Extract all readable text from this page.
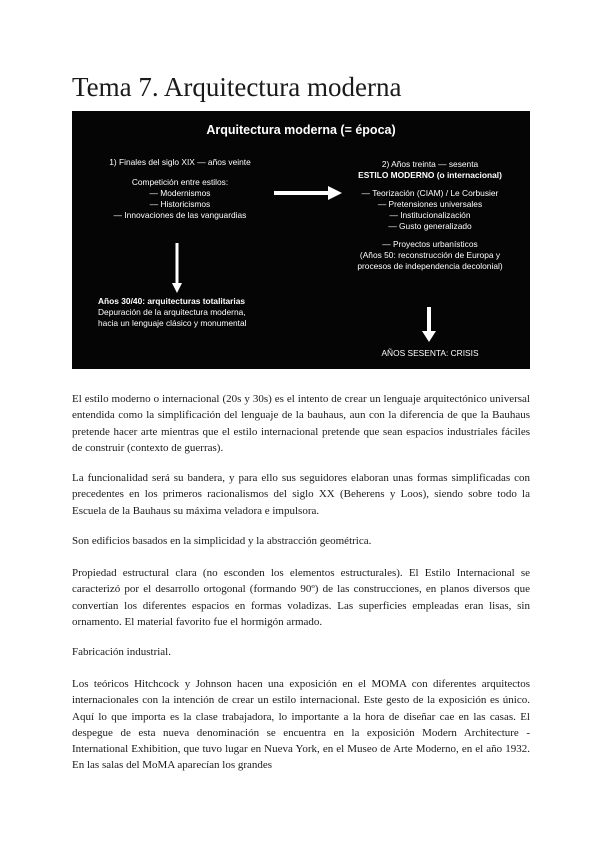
Tema 7. Arquitectura moderna
Arquitectura moderna (= época)
1) Finales del siglo XIX — años veinte
Competición entre estilos:
— Modernismos
— Historicismos
— Innovaciones de las vanguardias
Años 30/40: arquitecturas totalitarias
Depuración de la arquitectura moderna,
hacia un lenguaje clásico y monumental
2) Años treinta — sesenta
ESTILO MODERNO (o internacional)
— Teorización (CIAM) / Le Corbusier
— Pretensiones universales
— Institucionalización
— Gusto generalizado
— Proyectos urbanísticos
(Años 50: reconstrucción de Europa y
procesos de independencia decolonial)
AÑOS SESENTA: CRISIS

El estilo moderno o internacional (20s y 30s) es el intento de crear un lenguaje arquitectónico universal entendida como la simplificación del lenguaje de la bauhaus, aun con la diferencia de que la Bauhaus pretende hacer arte mientras que el estilo internacional pretende que sean espacios industriales fáciles de construir (contexto de guerras).

La funcionalidad será su bandera, y para ello sus seguidores elaboran unas formas simplificadas con precedentes en los primeros racionalismos del siglo XX (Beherens y Loos), siendo sobre todo la Escuela de la Bauhaus su máxima veladora e impulsora.

Son edificios basados en la simplicidad y la abstracción geométrica.

Propiedad estructural clara (no esconden los elementos estructurales). El Estilo Internacional se caracterizó por el desarrollo ortogonal (formando 90º) de las construcciones, en planos diversos que convertían los diferentes espacios en formas voladizas. Las superficies empleadas eran lisas, sin ornamento. El material favorito fue el hormigón armado.

Fabricación industrial.

Los teóricos Hitchcock y Johnson hacen una exposición en el MOMA con diferentes arquitectos internacionales con la intención de crear un estilo internacional. Este gesto de la exposición es único. Aquí lo que importa es la clase trabajadora, lo importante a la hora de diseñar cae en las casas. El despegue de esta nueva denominación se encuentra en la exposición Modern Architecture - International Exhibition, que tuvo lugar en Nueva York, en el Museo de Arte Moderno, en el año 1932. En las salas del MoMA aparecían los grandes
